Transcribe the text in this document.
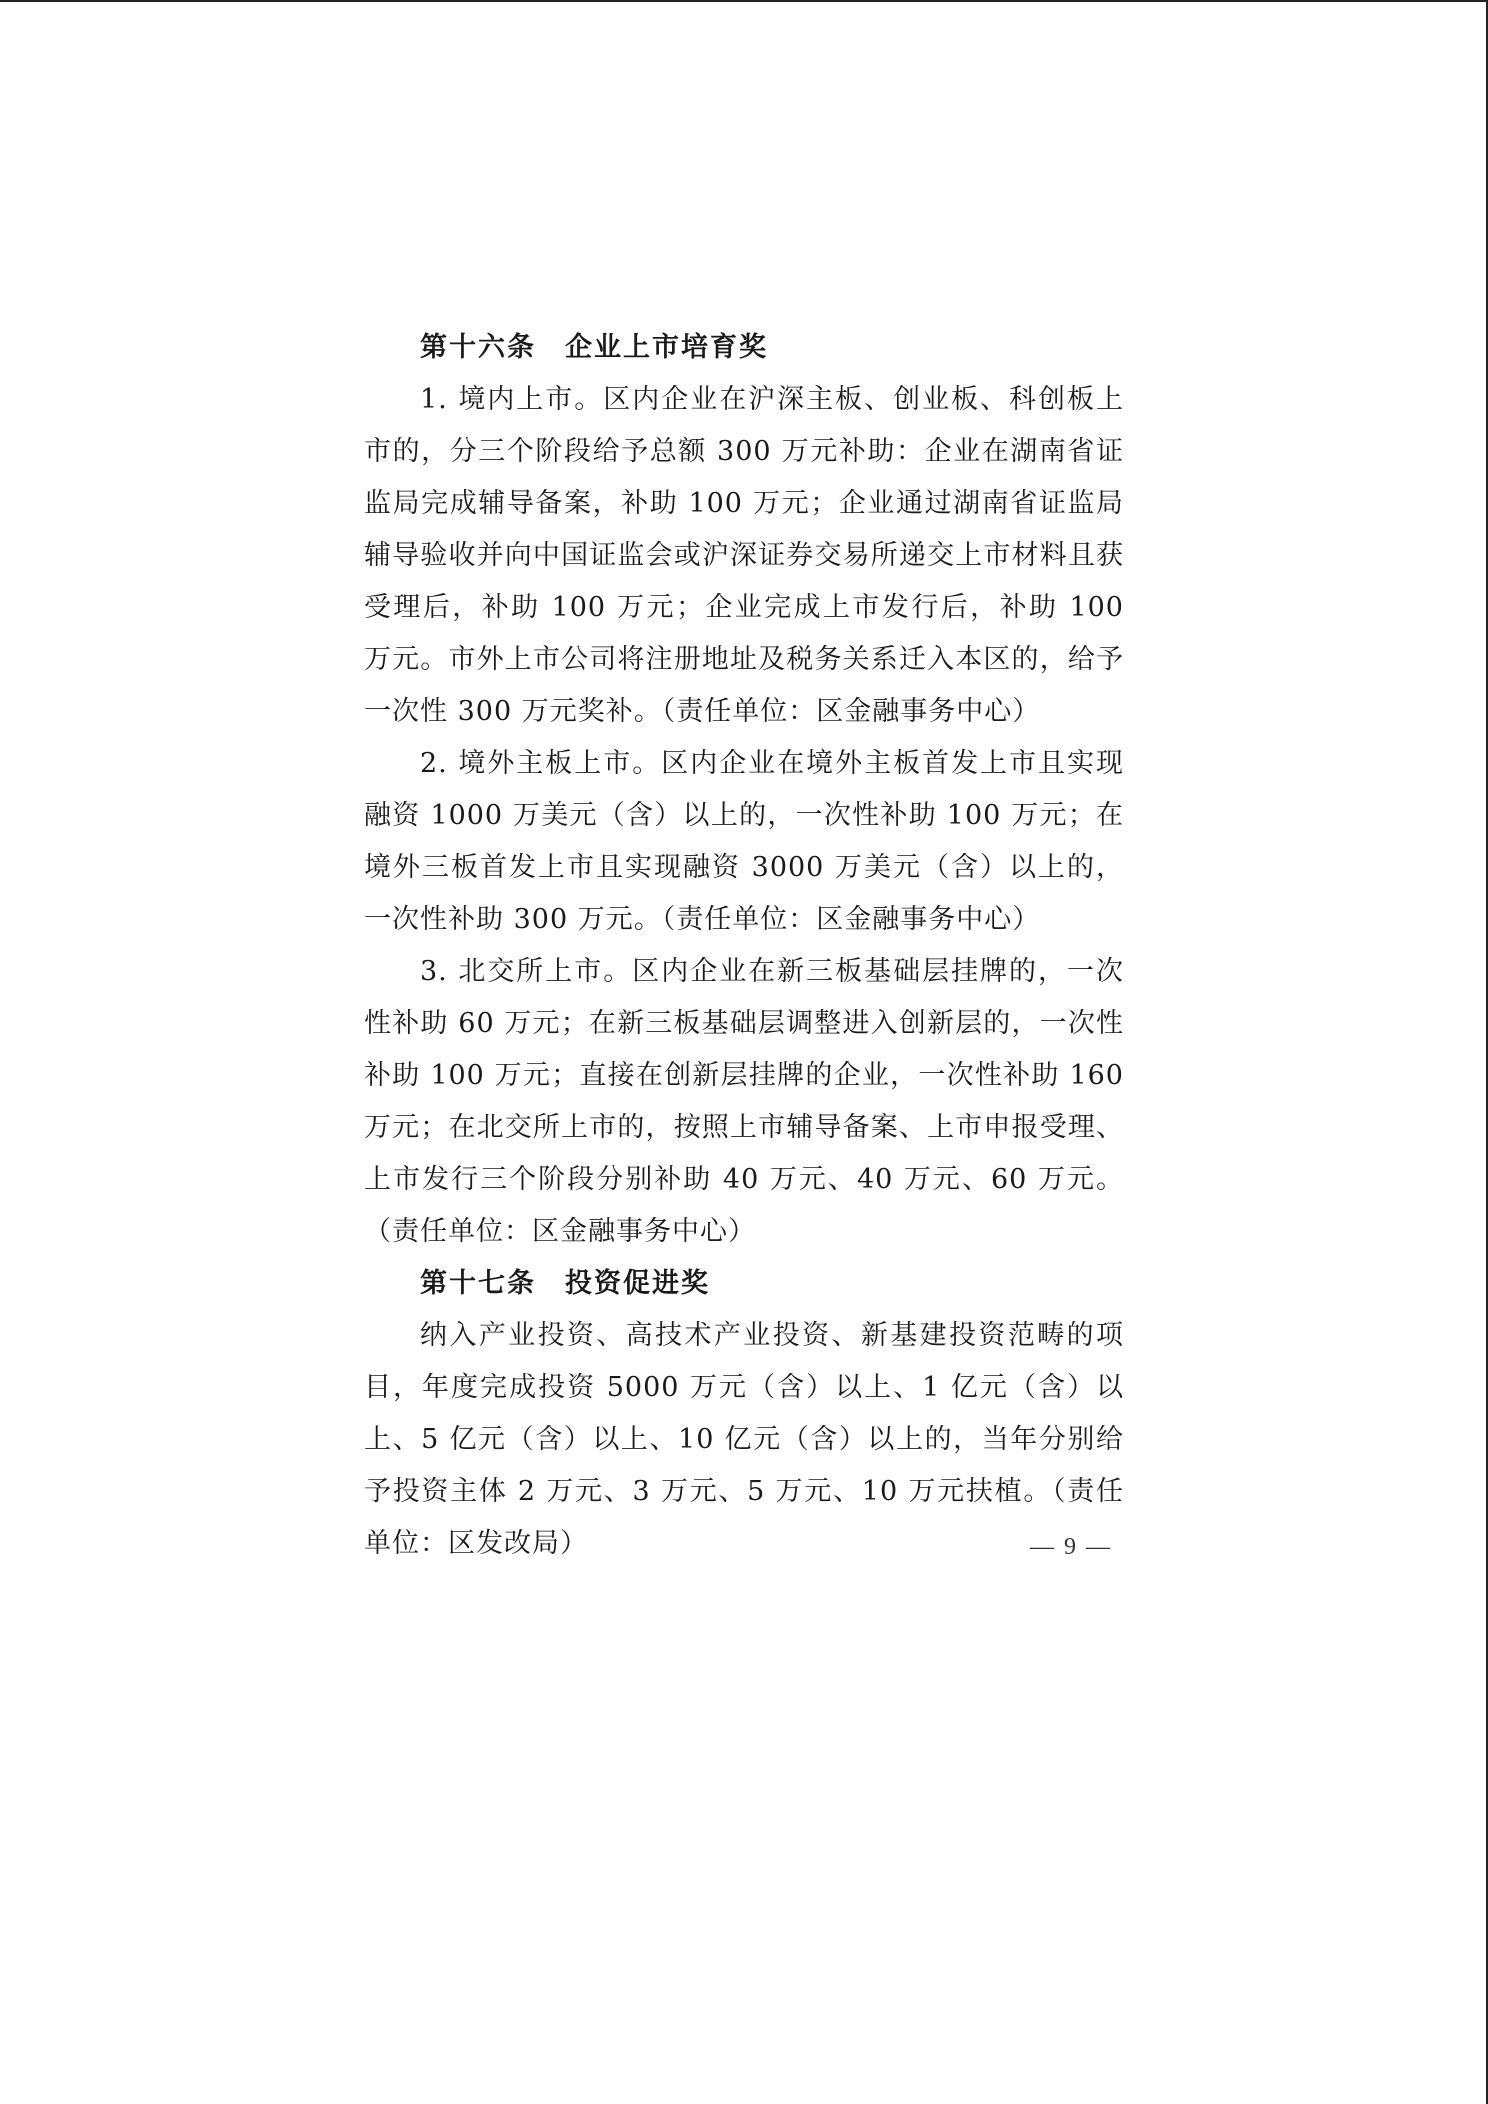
第十六条　企业上市培育奖

1. 境内上市。区内企业在沪深主板、创业板、科创板上市的，分三个阶段给予总额 300 万元补助：企业在湖南省证监局完成辅导备案，补助 100 万元；企业通过湖南省证监局辅导验收并向中国证监会或沪深证券交易所递交上市材料且获受理后，补助 100 万元；企业完成上市发行后，补助 100 万元。市外上市公司将注册地址及税务关系迁入本区的，给予一次性 300 万元奖补。（责任单位：区金融事务中心）

2. 境外主板上市。区内企业在境外主板首发上市且实现融资 1000 万美元（含）以上的，一次性补助 100 万元；在境外三板首发上市且实现融资 3000 万美元（含）以上的，一次性补助 300 万元。（责任单位：区金融事务中心）

3. 北交所上市。区内企业在新三板基础层挂牌的，一次性补助 60 万元；在新三板基础层调整进入创新层的，一次性补助 100 万元；直接在创新层挂牌的企业，一次性补助 160 万元；在北交所上市的，按照上市辅导备案、上市申报受理、上市发行三个阶段分别补助 40 万元、40 万元、60 万元。（责任单位：区金融事务中心）

第十七条　投资促进奖

纳入产业投资、高技术产业投资、新基建投资范畴的项目，年度完成投资 5000 万元（含）以上、1 亿元（含）以上、5 亿元（含）以上、10 亿元（含）以上的，当年分别给予投资主体 2 万元、3 万元、5 万元、10 万元扶植。（责任单位：区发改局）	— 9 —
